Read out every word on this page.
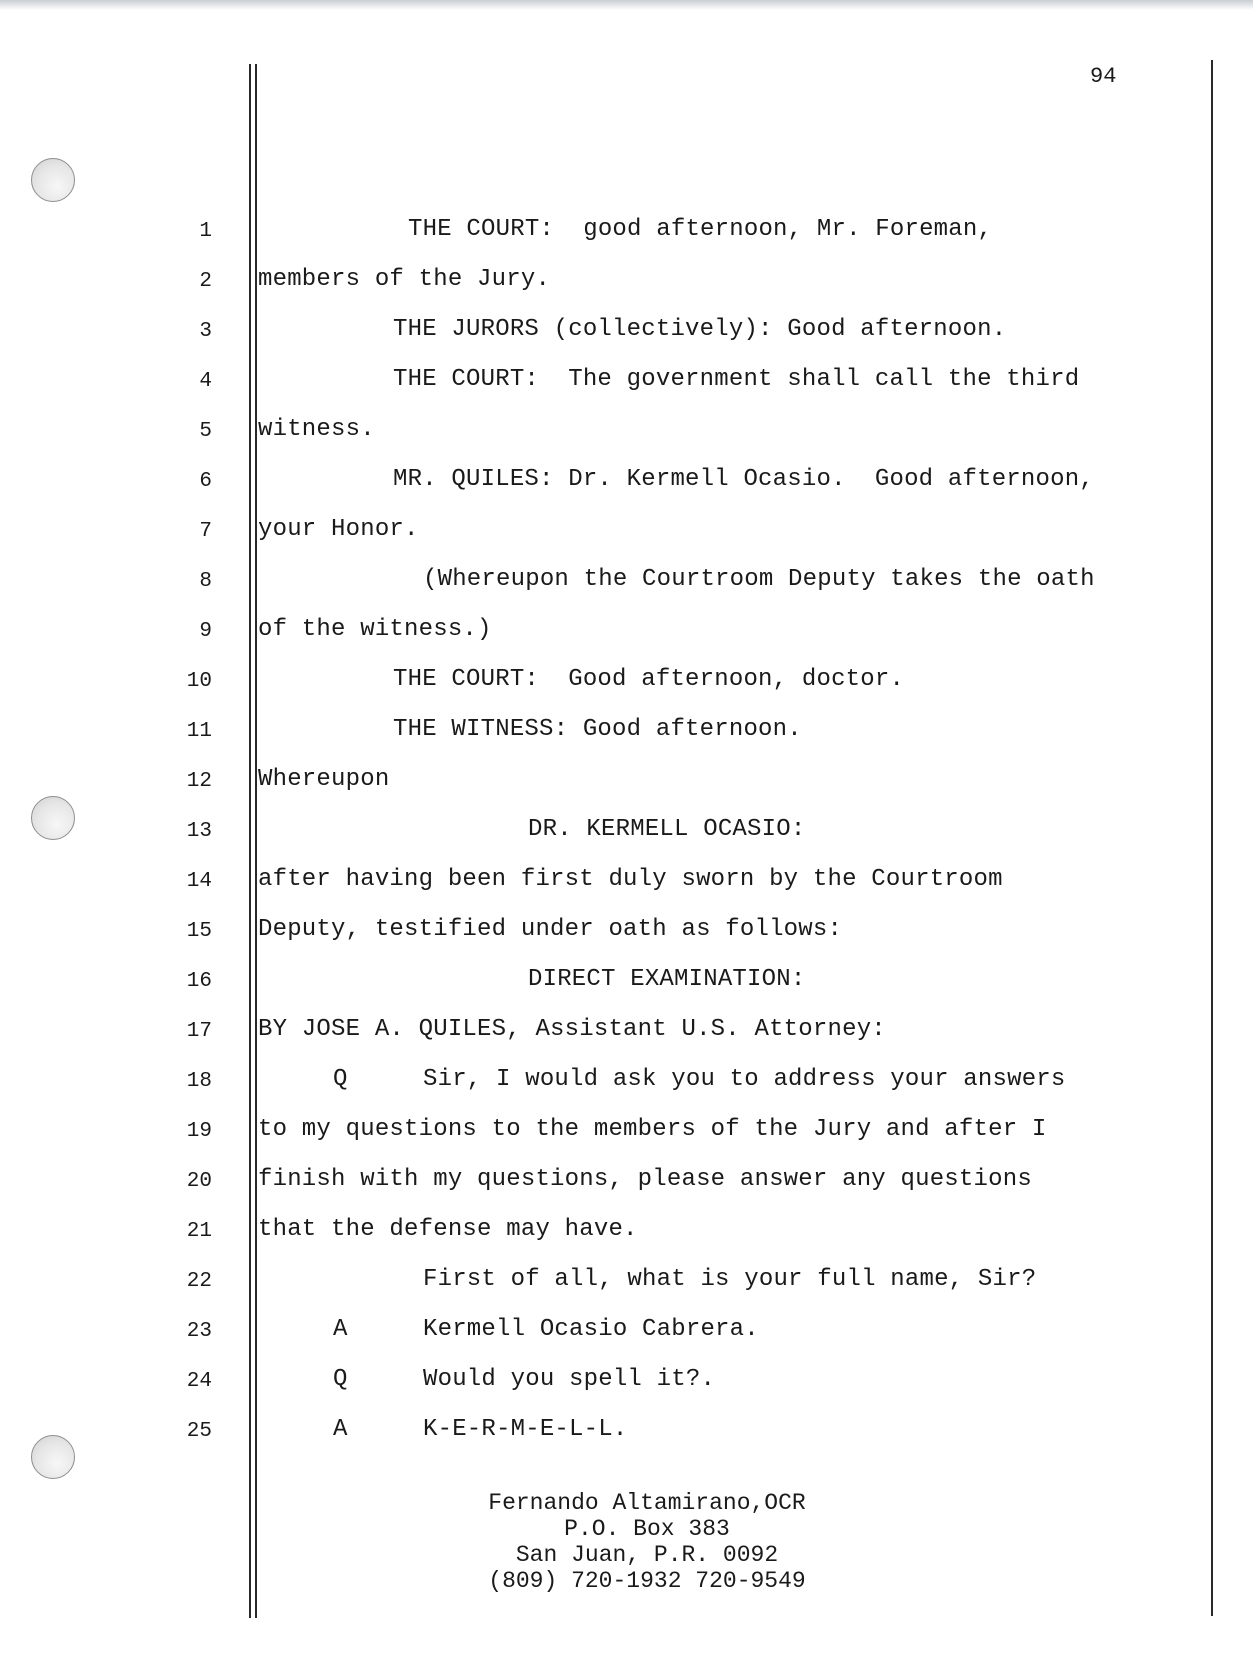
94
1
2
3
4
5
6
7
8
9
10
11
12
13
14
15
16
17
18
19
20
21
22
23
24
25
THE COURT:  good afternoon, Mr. Foreman,
members of the Jury.
THE JURORS (collectively): Good afternoon.
THE COURT:  The government shall call the third
witness.
MR. QUILES: Dr. Kermell Ocasio.  Good afternoon,
your Honor.
(Whereupon the Courtroom Deputy takes the oath
of the witness.)
THE COURT:  Good afternoon, doctor.
THE WITNESS: Good afternoon.
Whereupon
DR. KERMELL OCASIO:
after having been first duly sworn by the Courtroom
Deputy, testified under oath as follows:
DIRECT EXAMINATION:
BY JOSE A. QUILES, Assistant U.S. Attorney:
Q	Sir, I would ask you to address your answers
to my questions to the members of the Jury and after I
finish with my questions, please answer any questions
that the defense may have.
First of all, what is your full name, Sir?
A	Kermell Ocasio Cabrera.
Q	Would you spell it?.
A	K-E-R-M-E-L-L.
Fernando Altamirano,OCR
P.O. Box 383
San Juan, P.R. 0092
(809) 720-1932 720-9549
